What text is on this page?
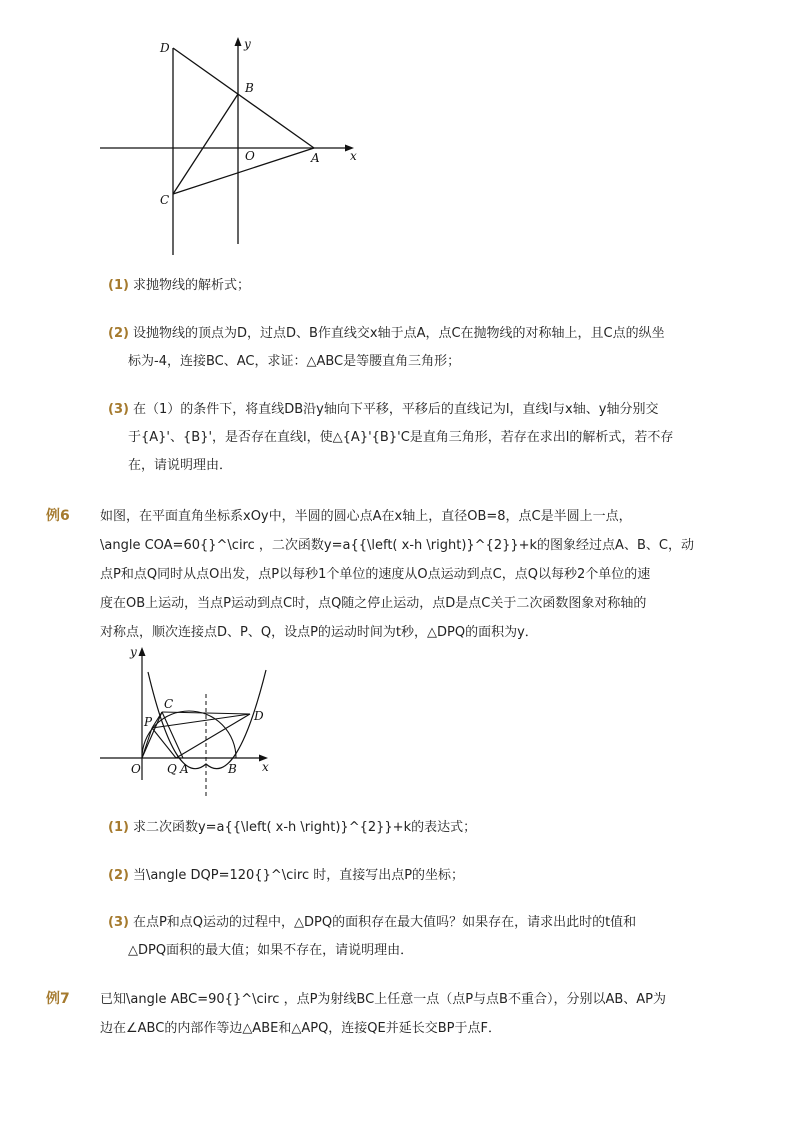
D	y
B
O	A	x
C
(1) 求抛物线的解析式；
(2) 设抛物线的顶点为D，过点D、B作直线交x轴于点A，点C在抛物线的对称轴上，且C点的纵坐
标为-4，连接BC、AC，求证：△ABC是等腰直角三角形；
(3) 在（1）的条件下，将直线DB沿y轴向下平移，平移后的直线记为l，直线l与x轴、y轴分别交
于{A}'、{B}'，是否存在直线l，使△{A}'{B}'C是直角三角形，若存在求出l的解析式，若不存
在，请说明理由．
例6 如图，在平面直角坐标系xOy中，半圆的圆心点A在x轴上，直径OB=8，点C是半圆上一点，
\angle COA=60{}^\circ ，二次函数y=a{{\left( x-h \right)}^{2}}+k的图象经过点A、B、C，动
点P和点Q同时从点O出发，点P以每秒1个单位的速度从O点运动到点C，点Q以每秒2个单位的速
度在OB上运动，当点P运动到点C时，点Q随之停止运动，点D是点C关于二次函数图象对称轴的
对称点，顺次连接点D、P、Q，设点P的运动时间为t秒，△DPQ的面积为y．
y
C
P	D
O Q A	B x
(1) 求二次函数y=a{{\left( x-h \right)}^{2}}+k的表达式；
(2) 当\angle DQP=120{}^\circ 时，直接写出点P的坐标；
(3) 在点P和点Q运动的过程中，△DPQ的面积存在最大值吗？如果存在，请求出此时的t值和
△DPQ面积的最大值；如果不存在，请说明理由．
例7 已知\angle ABC=90{}^\circ ，点P为射线BC上任意一点（点P与点B不重合），分别以AB、AP为
边在∠ABC的内部作等边△ABE和△APQ，连接QE并延长交BP于点F．
